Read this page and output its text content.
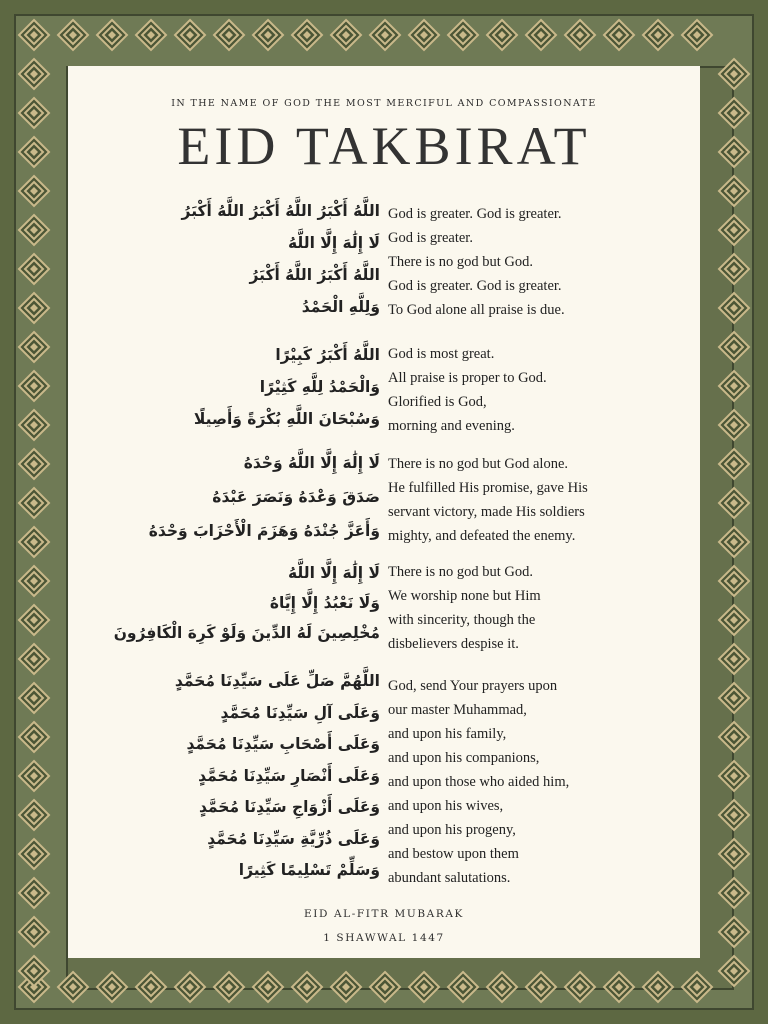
IN THE NAME OF GOD THE MOST MERCIFUL AND COMPASSIONATE
EID TAKBIRAT
اللَّهُ أَكْبَرُ اللَّهُ أَكْبَرُ اللَّهُ أَكْبَرُ
لَا إِلَٰهَ إِلَّا اللَّهُ
اللَّهُ أَكْبَرُ اللَّهُ أَكْبَرُ
وَلِلَّهِ الْحَمْدُ
God is greater. God is greater.
God is greater.
There is no god but God.
God is greater. God is greater.
To God alone all praise is due.
اللَّهُ أَكْبَرُ كَبِيْرًا
وَالْحَمْدُ لِلَّهِ كَثِيْرًا
وَسُبْحَانَ اللَّهِ بُكْرَةً وَأَصِيلًا
God is most great.
All praise is proper to God.
Glorified is God,
morning and evening.
لَا إِلَٰهَ إِلَّا اللَّهُ وَحْدَهُ
صَدَقَ وَعْدَهُ وَنَصَرَ عَبْدَهُ
وَأَعَزَّ جُنْدَهُ وَهَزَمَ الْأَحْزَابَ وَحْدَهُ
There is no god but God alone.
He fulfilled His promise, gave His
servant victory, made His soldiers
mighty, and defeated the enemy.
لَا إِلَٰهَ إِلَّا اللَّهُ
وَلَا نَعْبُدُ إِلَّا إِيَّاهُ
مُخْلِصِينَ لَهُ الدِّينَ وَلَوْ كَرِهَ الْكَافِرُونَ
There is no god but God.
We worship none but Him
with sincerity, though the
disbelievers despise it.
اللَّهُمَّ صَلِّ عَلَى سَيِّدِنَا مُحَمَّدٍ
وَعَلَى آلِ سَيِّدِنَا مُحَمَّدٍ
وَعَلَى أَصْحَابِ سَيِّدِنَا مُحَمَّدٍ
وَعَلَى أَنْصَارِ سَيِّدِنَا مُحَمَّدٍ
وَعَلَى أَزْوَاجِ سَيِّدِنَا مُحَمَّدٍ
وَعَلَى ذُرِّيَّةِ سَيِّدِنَا مُحَمَّدٍ
وَسَلِّمْ تَسْلِيمًا كَثِيرًا
God, send Your prayers upon
our master Muhammad,
and upon his family,
and upon his companions,
and upon those who aided him,
and upon his wives,
and upon his progeny,
and bestow upon them
abundant salutations.
EID AL-FITR MUBARAK
1 SHAWWAL 1447
